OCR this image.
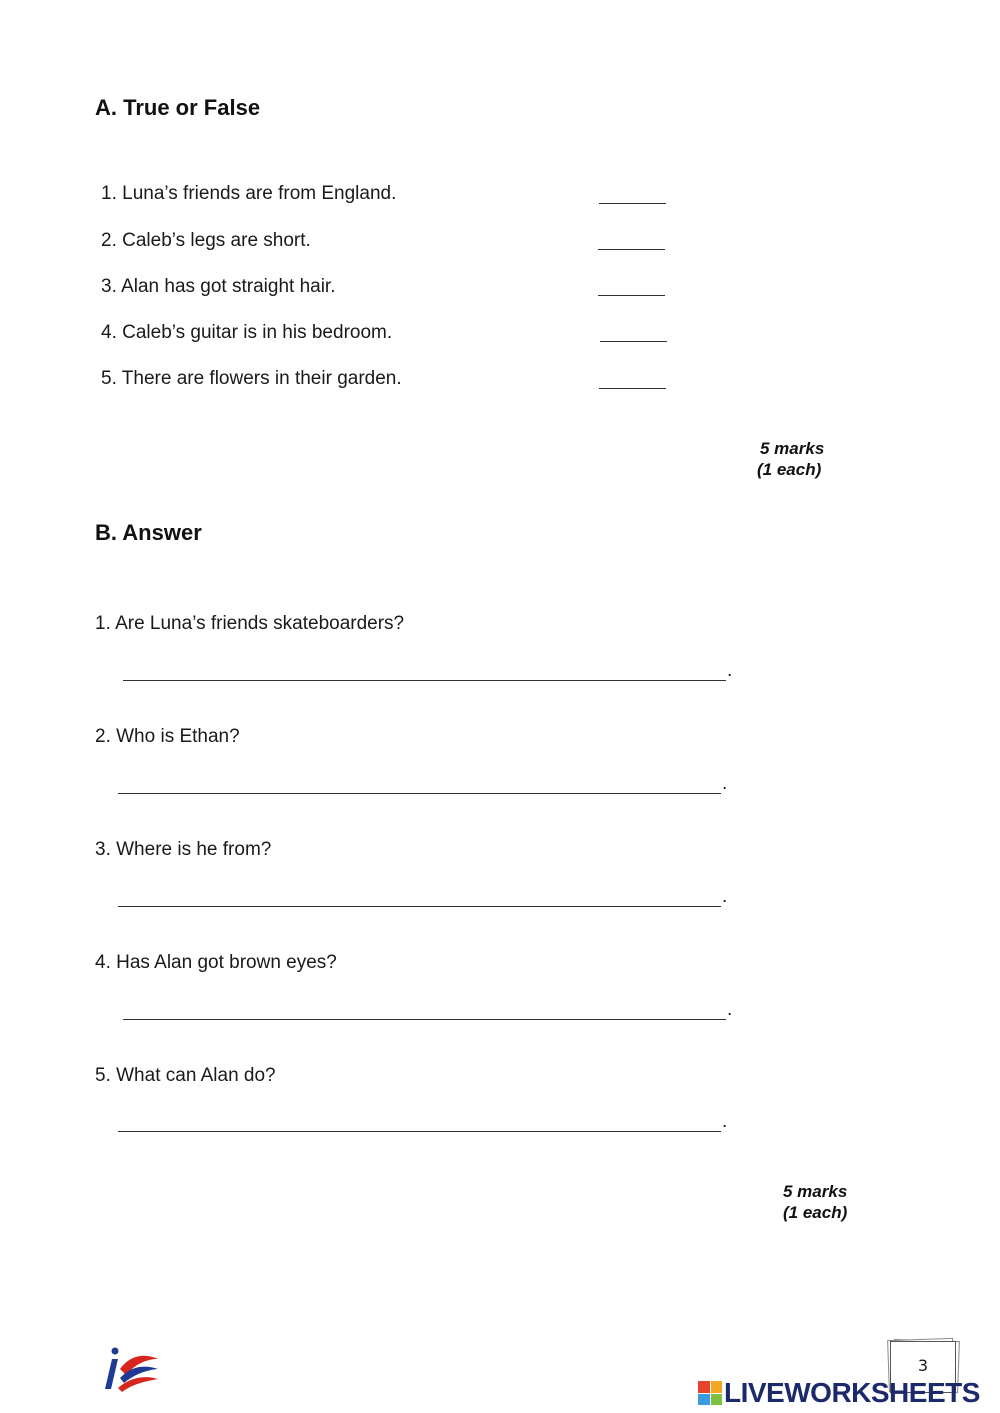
A. True or False
1. Luna’s friends are from England.
2. Caleb’s legs are short.
3. Alan has got straight hair.
4. Caleb’s guitar is in his bedroom.
5. There are flowers in their garden.
5 marks
(1 each)
B. Answer
1. Are Luna’s friends skateboarders?
.
2. Who is Ethan?
.
3. Where is he from?
.
4. Has Alan got brown eyes?
.
5. What can Alan do?
.
5 marks
(1 each)
3
LIVEWORKSHEETS
